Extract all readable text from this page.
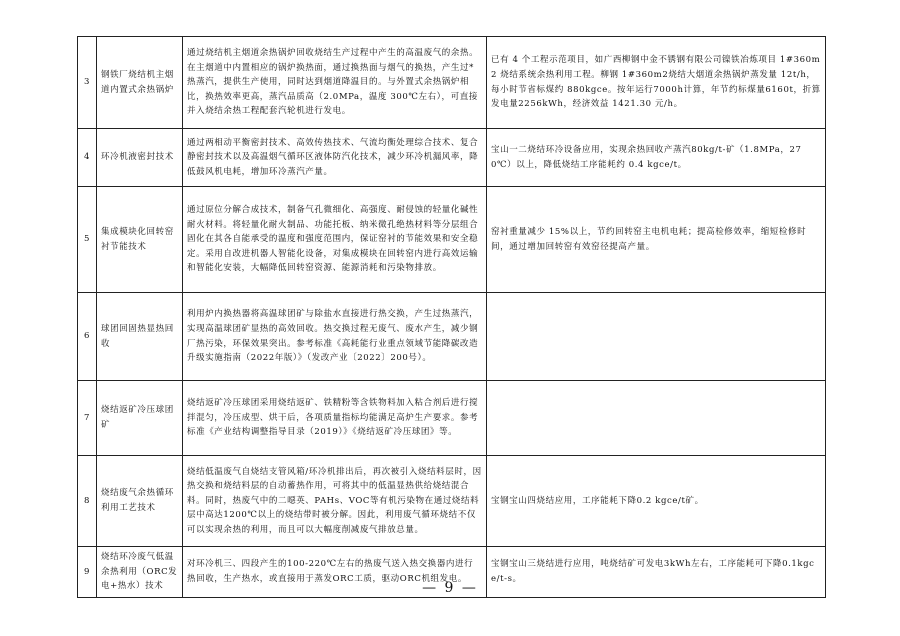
3	钢铁厂烧结机主烟道内置式余热锅炉	通过烧结机主烟道余热锅炉回收烧结生产过程中产生的高温废气的余热。在主烟道中内置相应的锅炉换热面，通过换热面与烟气的换热，产生过*热蒸汽，提供生产使用，同时达到烟道降温目的。与外置式余热锅炉相比，换热效率更高，蒸汽品质高（2.0MPa，温度 300℃左右），可直接并入烧结余热工程配套汽轮机进行发电。	已有 4 个工程示范项目，如广西柳钢中金不锈钢有限公司镍铁冶炼项目 1#360m2 烧结系统余热利用工程。柳钢 1#360m2烧结大烟道余热锅炉蒸发量 12t/h，每小时节省标煤约 880kgce。按年运行7000h计算，年节约标煤量6160t，折算发电量2256kWh，经济效益 1421.30 元/h。
4	环冷机液密封技术	通过两相动平衡密封技术、高效传热技术、气流均衡处理综合技术、复合静密封技术以及高温烟气循环区液体防汽化技术，减少环冷机漏风率，降低鼓风机电耗，增加环冷蒸汽产量。	宝山一二烧结环冷设备应用，实现余热回收产蒸汽80kg/t-矿（1.8MPa，270℃）以上，降低烧结工序能耗约 0.4 kgce/t。
5	集成模块化回转窑衬节能技术	通过原位分解合成技术，制备气孔微细化、高强度、耐侵蚀的轻量化碱性耐火材料。将轻量化耐火制品、功能托板、纳米微孔绝热材料等分层组合固化在其各自能承受的温度和强度范围内，保证窑衬的节能效果和安全稳定。采用自改进机器人智能化设备，对集成模块在回转窑内进行高效运输和智能化安装，大幅降低回转窑资源、能源消耗和污染物排放。	窑衬重量减少 15%以上，节约回转窑主电机电耗；提高检修效率，缩短检修时间，通过增加回转窑有效窑径提高产量。
6	球团回固热显热回收	利用炉内换热器将高温球团矿与除盐水直接进行热交换，产生过热蒸汽，实现高温球团矿显热的高效回收。热交换过程无废气、废水产生，减少钢厂热污染，环保效果突出。参考标准《高耗能行业重点领域节能降碳改造升级实施指南（2022年版）》（发改产业〔2022〕200号）。	
7	烧结返矿冷压球团矿	烧结返矿冷压球团采用烧结返矿、铁精粉等含铁物料加入粘合剂后进行搅拌混匀，冷压成型、烘干后，各项质量指标均能满足高炉生产要求。参考标准《产业结构调整指导目录（2019）》《烧结返矿冷压球团》等。	
8	烧结废气余热循环利用工艺技术	烧结低温废气自烧结支管风箱/环冷机排出后，再次被引入烧结料层时，因热交换和烧结料层的自动蓄热作用，可将其中的低温显热供给烧结混合料。同时，热废气中的二噁英、PAHs、VOC等有机污染物在通过烧结料层中高达1200℃以上的烧结带时被分解。因此，利用废气循环烧结不仅可以实现余热的利用，而且可以大幅度削减废气排放总量。	宝钢宝山四烧结应用，工序能耗下降0.2 kgce/t矿。
9	烧结环冷废气低温余热利用（ORC发电+热水）技术	对环冷机三、四段产生的100-220℃左右的热废气送入热交换器内进行热回收，生产热水，或直接用于蒸发ORC工质，驱动ORC机组发电。	宝钢宝山三烧结进行应用，吨烧结矿可发电3kWh左右，工序能耗可下降0.1kgce/t-s。
— 9 —
